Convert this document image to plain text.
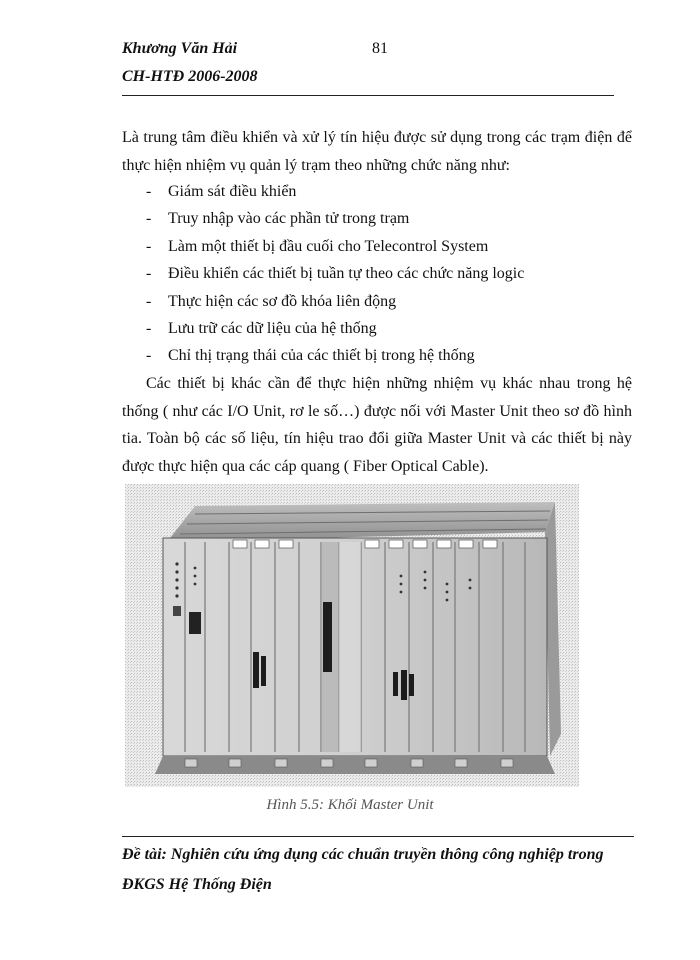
Khương Văn Hải	81
CH-HTĐ 2006-2008
Là trung tâm điều khiển và xử lý tín hiệu được sử dụng trong các trạm điện để thực hiện nhiệm vụ quản lý trạm theo những chức năng như:
- Giám sát điều khiển
- Truy nhập vào các phần tử trong trạm
- Làm một thiết bị đầu cuối cho Telecontrol System
- Điều khiển các thiết bị tuần tự theo các chức năng logic
- Thực hiện các sơ đồ khóa liên động
- Lưu trữ các dữ liệu của hệ thống
- Chỉ thị trạng thái của các thiết bị trong hệ thống
Các thiết bị khác cần để thực hiện những nhiệm vụ khác nhau trong hệ thống ( như các I/O Unit, rơ le số…) được nối với Master Unit theo sơ đồ hình tia. Toàn bộ các số liệu, tín hiệu trao đổi giữa Master Unit và các thiết bị này được thực hiện qua các cáp quang ( Fiber Optical Cable).
Hình 5.5: Khối Master Unit
Đề tài: Nghiên cứu ứng dụng các chuẩn truyền thông công nghiệp trong
ĐKGS Hệ Thống Điện
